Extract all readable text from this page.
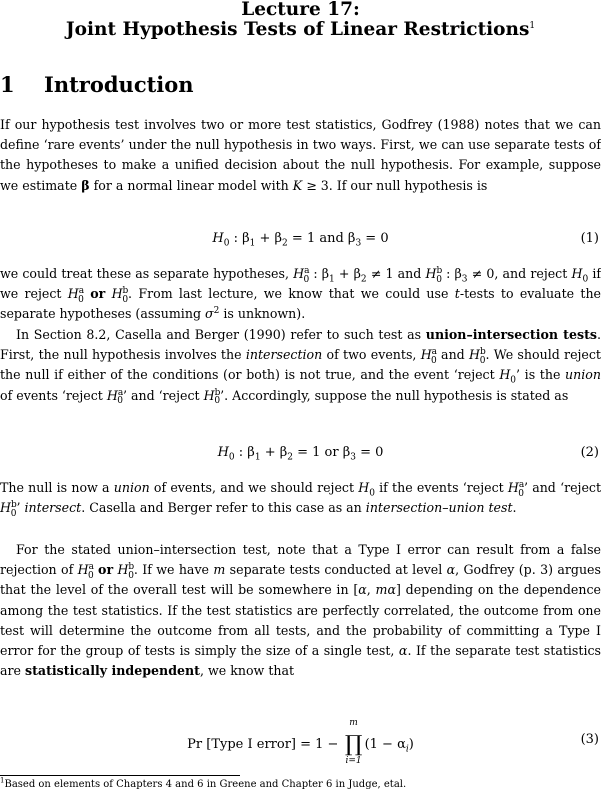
Lecture 17:
Joint Hypothesis Tests of Linear Restrictions$^1$
1 Introduction
If our hypothesis test involves two or more test statistics, Godfrey (1988) notes that we can define ‘rare events’ under the null hypothesis in two ways. First, we can use separate tests of the hypotheses to make a unified decision about the null hypothesis. For example, suppose we estimate β for a normal linear model with K ≥ 3. If our null hypothesis is
$H_0$ : $\beta_1 + \beta_2 = 1$ and $\beta_3 = 0$	(1)
we could treat these as separate hypotheses, $H^a_0$ : $\beta_1 + \beta_2 \ne 1$ and $H^b_0$ : $\beta_3 \ne 0$, and reject $H_0$ if we reject $H^a_0$ or $H^b_0$. From last lecture, we know that we could use t-tests to evaluate the separate hypotheses (assuming $\sigma^2$ is unknown).
In Section 8.2, Casella and Berger (1990) refer to such test as union–intersection tests. First, the null hypothesis involves the intersection of two events, $H^a_0$ and $H^b_0$. We should reject the null if either of the conditions (or both) is not true, and the event ‘reject $H_0$’ is the union of events ‘reject $H^a_0$’ and ‘reject $H^b_0$’. Accordingly, suppose the null hypothesis is stated as
$H_0$ : $\beta_1 + \beta_2 = 1$ or $\beta_3 = 0$	(2)
The null is now a union of events, and we should reject $H_0$ if the events ‘reject $H^a_0$’ and ‘reject $H^b_0$’ intersect. Casella and Berger refer to this case as an intersection–union test.
For the stated union–intersection test, note that a Type I error can result from a false rejection of $H^a_0$ or $H^b_0$. If we have m separate tests conducted at level α, Godfrey (p. 3) argues that the level of the overall test will be somewhere in [α, mα] depending on the dependence among the test statistics. If the test statistics are perfectly correlated, the outcome from one test will determine the outcome from all tests, and the probability of committing a Type I error for the group of tests is simply the size of a single test, α. If the separate test statistics are statistically independent, we know that
Pr [Type I error] = 1 −
m
∏
i=1
$(1 - \alpha_i)$	(3)
$^1$Based on elements of Chapters 4 and 6 in Greene and Chapter 6 in Judge, etal.
